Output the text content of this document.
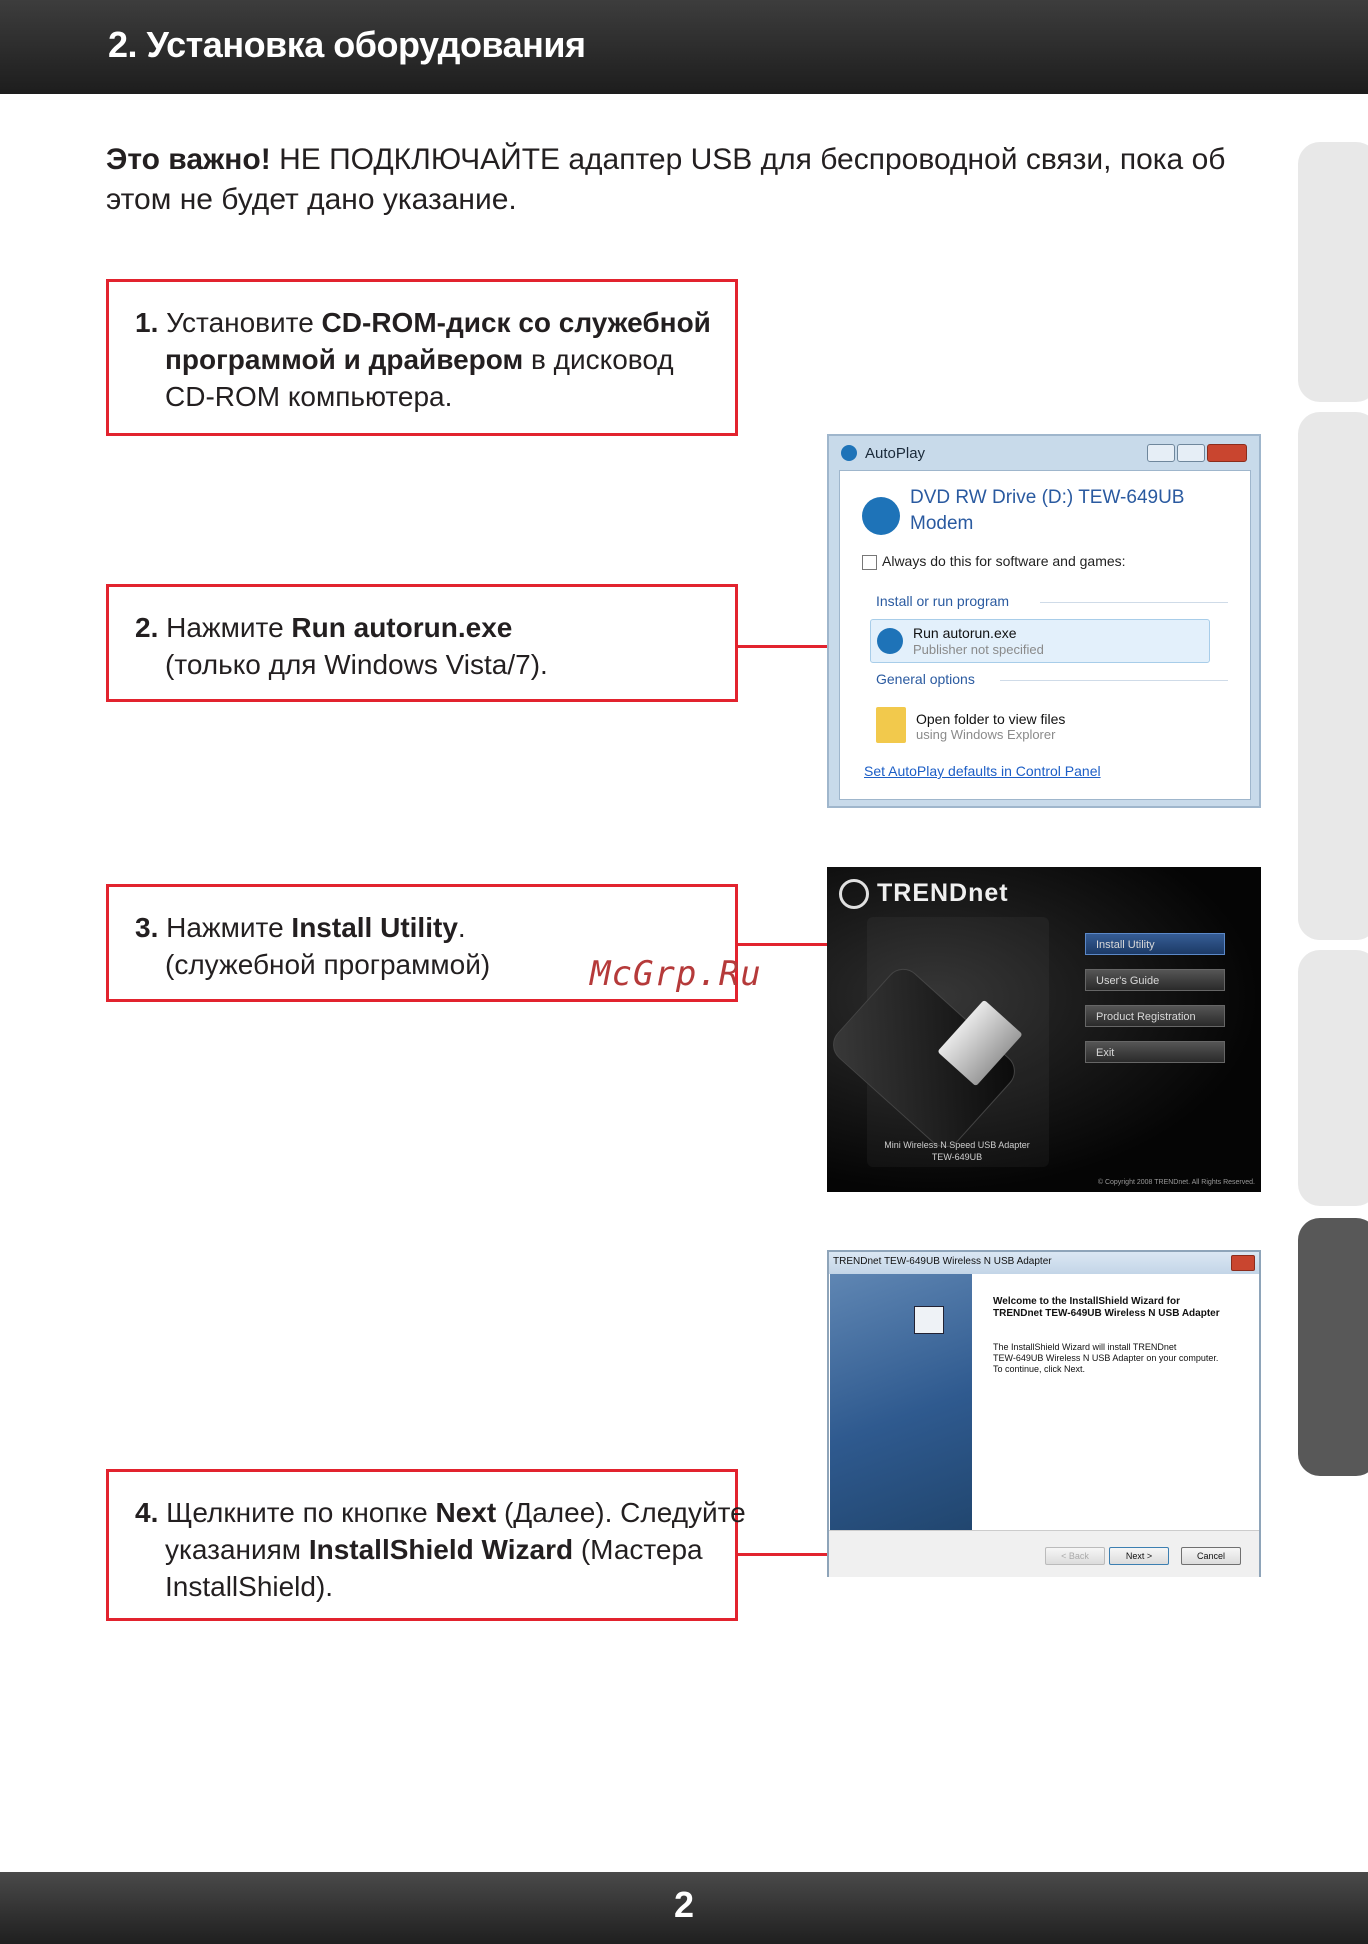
2. Установка оборудования
Это важно! НЕ ПОДКЛЮЧАЙТЕ адаптер USB для беспроводной связи, пока об этом не будет дано указание.
1. Установите CD-ROM-диск со служебной
программой и драйвером в дисковод
CD-ROM компьютера.
2. Нажмите Run autorun.exe
(только для Windows Vista/7).
3. Нажмите Install Utility.
(служебной программой)
4. Щелкните по кнопке Next (Далее). Следуйте
указаниям InstallShield Wizard (Мастера
InstallShield).
AutoPlay
DVD RW Drive (D:) TEW-649UB
Modem
Always do this for software and games:
Install or run program
Run autorun.exe
Publisher not specified
General options
Open folder to view files
using Windows Explorer
Set AutoPlay defaults in Control Panel
TRENDnet
Install Utility
User's Guide
Product Registration
Exit
Mini Wireless N Speed USB Adapter
TEW-649UB
© Copyright 2008 TRENDnet. All Rights Reserved.
TRENDnet TEW-649UB Wireless N USB Adapter
Welcome to the InstallShield Wizard for
TRENDnet TEW-649UB Wireless N USB Adapter
The InstallShield Wizard will install TRENDnet
TEW-649UB Wireless N USB Adapter on your computer.
To continue, click Next.
< Back	Next >	Cancel
McGrp.Ru
2
